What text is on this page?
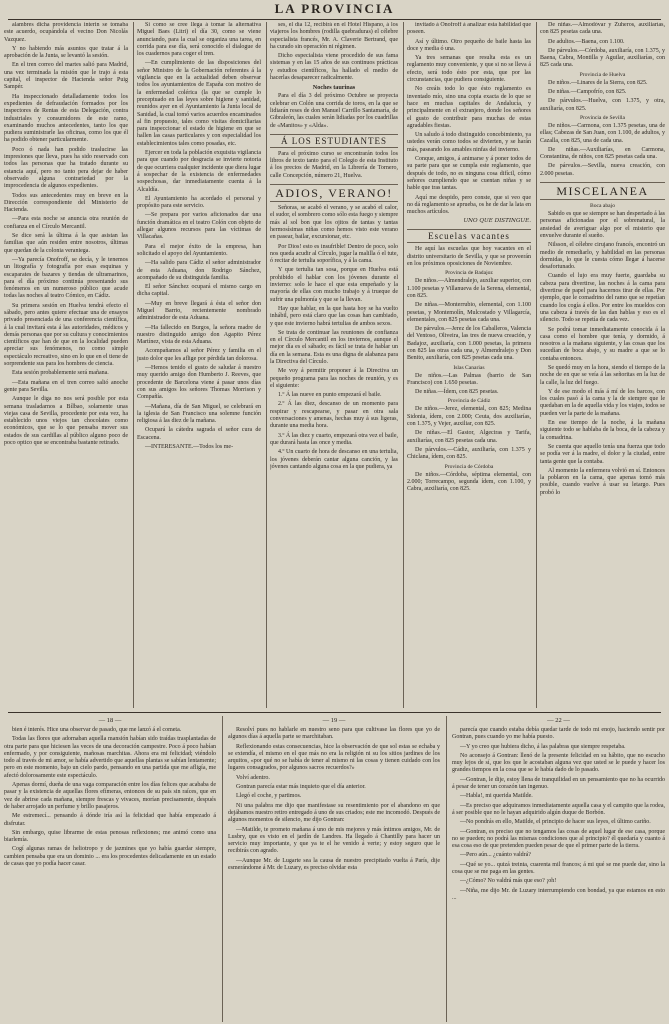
LA PROVINCIA

alambres dicha providencia interin se tomaba este acuerdo, ocupándola el vecino Don Nicolás Vazquez.

Y no habiendo más asuntos que tratar á la aprobación de la Junta, se levantó la sesión.

En el tren correo del martes salió para Madrid, una vez terminada la misión que le trajo á esta capital, el inspector de Hacienda señor Puig Sampér.

Ha inspeccionado detalladamente todos los expedientes de defraudación formados por los inspectores de Rentas de esta Delegación, contra industriales y consumidores de este ramo, examinando muchos antecedentes, tanto los que pudiera suministrarle las oficinas, como los que él ha podido obtener particularmente.

Poco ó nada han podido traslucirse las impresiones que lleva, pues ha sido reservado con todos las personas que ha tratado durante su estancia aquí, pero no tanto pera dejar de haber observado alguna contrariedad por la improcedencia de algunos expedientes.

Todos sus antecedentes muy en breve en la Dirección correspondiente del Ministerio de Hacienda.

—Para esta noche se anuncia otra reunión de confianza en el Círculo Mercantil.

Se dice será la última á la que asistan las familias que aún residen entre nosotros, últimas que quedan de la colonia veraniega.

—Ya parecía Onofroff, se decía, y le tenemos un litografía y fotografía por esas esquinas y escaparates de bazares y tiendas de ultramarinos, para el día próximo continúa presentando sus fenómenos en un numeroso público que acude todas las noches al teatro Cómico, en Cádiz.

Su primera sesión en Huelva tendrá efecto el sábado, pero antes quiere efectuar una de ensayos privado presenciada de una conferencia científica, á la cual invitará esta á las autoridades, médicos y demás personas que por su cultura y conocimientos científicos que han de que en la localidad pueden apreciar sus fenómenos, no como simple espectáculo recreativo, sino en lo que en el tiene de sorprendente sus para los hombres de ciencia.

Esta sesión probablemente será mañana.

—Esta mañana en el tren correo salió anoche gente para Sevilla.

Aunque le diga no nos será posible por esta semana trasladarnos a Bílbao, solamente unas viejas casa de Sevilla, procedente por esta vez, ha establecido unos viejos tan chocolates como económicos, que se lo que pensaba mover sus estados de sus cardillas al público alguno poco de poco optico que se encontraba bastante retirado.

Si como se cree llega á tomar la alternativa Miguel Baes (Litri) el día 30, como se viene anunciando, para la cual se organiza una tarea, en corrida para ese día, será conocido el dialogue de los cuadernos para coger el tren.

—En cumplimiento de las disposiciones del señor Ministro de la Gobernación referentes á la vigilancia que en la actualidad deben observar todos los ayuntamientos de España con motivo de la enfermedad colérica (la que se cumple lo preceptuado en las leyes sobre higiene y sanidad, reunidos ayer en el Ayuntamiento la Junta local de Sanidad, la cual tomó varios acuerdos encaminados al fin propuesto, tales como visitas domiciliarias para inspeccionar el estado de higiene en que se hallen las casas particulares y con especialidad los establecimientos tales como posadas, etc.

Ejercer en toda la población exquisita vigilancia para que cuando por desgracia se invierte notoria de que ocurriera cualquier incidente que diera lugar á sospechar de la existencia de enfermedades sospechosas, dar inmediatamente cuenta á la Alcaldía.

El Ayuntamiento ha acordado el personal y propósito para este servicio.

—Se prepara por varios aficionados dar una función dramática en el teatro Colón con objeto de allegar algunos recursos para las víctimas de Villacañas.

Para el mejor éxito de la empresa, han solicitado el apoyo del Ayuntamiento.

—Ha salido para Cádiz el señor administrador de esta Aduana, don Rodrigo Sánchez, acompañado de su distinguida familia.

El señor Sánchez ocupará el mismo cargo en dicha capital.

—Muy en breve llegará á ésta el señor don Miguel Barrio, recientemente nombrado administrador de esta Aduana.

—Ha fallecido en Burgos, la señora madre de nuestro distinguido amigo don Agapito Pérez Martínez, vista de esta Aduana.

Acompañamos al señor Pérez y familia en el justo dolor que les aflige por pérdida tan dolorosa.

—Hemos tenido el gusto de saludar á nuestro muy querido amigo don Humberto J. Reeves, que procedente de Barcelona viene á pasar unos días con sus amigos los señores Thomas Morrison y Compañía.

—Mañana, día de San Miguel, se celebrará en la iglesia de San Francisco una solemne función religiosa á las diez de la mañana.

Ocupará la cátedra sagrada el señor cura de Escacena.

—INTERESANTE.—Todos los me-

ses, el día 12, recibirá en el Hotel Hispano, á los viajeros los hombres (rodilla quebraduras) el célebre especialista francés, Mr. A. Claverie Bertrand, que ha curado sin operación ni régimen.

Dicho especialista viene procedido de sus fama sistemas y en las 15 años de sus continuos prácticas y estudios científicos, ha hallado el medio de hacerlas desaparecer radicalmente.

Noches taurinas

Para el día 3 del próximo Octubre se proyecta celebrar en Colón una corrida de toros, en la que se lidiarán reses de don Manuel Carrillo Santamaría, de Gibraleón, las cuales serán lidiadas por los cuadrillas de «Manitos» y «Alda».

Á LOS ESTUDIANTES

Para el próximo curso se encontrarán todos los libros de texto tanto para el Colegio de esta Instituto á los precios de Madrid, en la Librería de Tornero, calle Concepción, número 21, Huelva.

ADIOS, VERANO!

Señoras, se acabó el verano, y se acabó el calor, el sudor, el sombrero como sólo esta fuego y siempre más al sol bon que los ojitos de tantas y tantas hermosísimas niñas como hemos visto este verano en pasear, bailar, excursionar, etc.

Por Dios! esto es insufrible! Dentro de poco, solo nos queda acudir al Círculo, jugar la malilla ó el tute, ó recitar de tertulia soporífica, y á la cama.

Y que tertulia tan sosa, porque en Huelva está prohibido el hablar con los jóvenes durante el invierno: solo le hace el que esta empeñado y la mayoría de ellas con mucho trabajo y á trueque de sufrir una pulmonía y que se la llevan.

Hay que hablar, en la que hasta hoy se ha vuelto inhábil, pero está claro que las cosas han cambiado, y que este invierno habrá tertulias de ambos sexos.

Se trata de continuar las reuniones de confianza en el Círculo Mercantil en los inviernos, aunque el mejor día es el sábado; es fácil se trata de hablar un día en la semana. Esta es una digna de alabanza para la Directiva del Círculo.

Me voy á permitir proponer á la Directiva un pequeño programa para las noches de reunión, y es el siguiente:

1.º Á las nueve en punto empezará el baile.

2.º Á las diez, descanso de un momento para respirar y rescapearse, y pasar en otra sala conversaciones y amenas, hechas muy á sus ligeras, durante una media hora.

3.º Á las diez y cuarto, empezará otra vez el baile, que durará hasta las once y media.

4.º Un cuarto de hora de descanso en una tertulia, los jóvenes deberán cantar alguna canción, y las jóvenes cantando alguna cosa en la que pudiera, ya

invitado á Onofroff á analizar esta habilidad que poseen.

Así y último. Otro pequeño de baile hasta las doce y media ó una.

Ya tres semanas que resulta esta es un reglamento muy conveniente, y que si no se lleva á efecto, será todo ésto por esta, que por las circunstancias, que pudiera consiguiente.

No creáis todo lo que ésto reglamento es inventado mío, sino una copia exacta de lo que se hace en muchas capitales de Andalucía, y principalmente en el extranjero, donde los señores el gusto de contribuir para muchas de estas agradables fiestas.

Un saludo á todo distinguido concebimiento, ya ustedes verán como todos se divierten, y se harán más, paseando los amables ninfas del invierno.

Conque, amigos, á animarse y á poner todos de su parte para que se cumpla este reglamento, que después de todo, no es ninguna cosa difícil, cómo señores cumpliendo que se cuentan niñas y se hable que tras tantas.

Aquí me despido, pero conste, que si veo que no dá reglamento se aprueba, os he de dar la lata en muchos artículos.

UNO QUE DISTINGUE.
Escuelas vacantes

He aquí las escuelas que hoy vacantes en el distrito universitario de Sevilla, y que se proveerán en los próximos oposiciones de Noviembre.

Provincia de Badajoz

De niños.—Almendralejo, auxiliar superior, con 1.100 pesetas y Villanueva de la Serena, elemental, con 825.

De niñas.—Monterrubio, elemental, con 1.100 pesetas, y Montemolín, Mulcostado y Villagarcía, elementales, con 825 pesetas cada una.

De párvulos.—Jerez de los Caballeros, Valencia del Ventoso, Oliveira, las tres de nueva creación, y Badajoz, auxiliaría, con 1.000 pesetas, la primera con 825 las otras cada una, y Almendralejo y Don Benito, auxiliaría, con 825 pesetas cada una.

Islas Canarias

De niños.—Las Palmas (barrio de San Francisco) con 1.650 pesetas.

De niñas.—Ídem, con 825 pesetas.

Provincia de Cádiz

De niños.—Jerez, elemental, con 825; Medina Sidonia, ídem, con 2.000; Ceuta, dos auxiliarías, con 1.375, y Vejer, auxiliar, con 825.

De niñas.—El Gastor, Algeciras y Tarifa, auxiliarías, con 825 pesetas cada una.

De párvulos.—Cádiz, auxiliaría, con 1.375 y Chiclana, ídem, con 825.

Provincia de Córdoba

De niños.—Córdoba, séptima elemental, con 2.000; Torrecampo, segunda ídem, con 1.100, y Cabra, auxiliaría, con 825.

De niñas.—Almodóvar y Zuheros, auxiliarías, con 825 pesetas cada una.

De adultos.—Baena, con 1.100.

De párvulos.—Córdoba, auxiliaría, con 1.375, y Baena, Cabra, Montilla y Aguilar, auxiliarías, con 825 cada una.

Provincia de Huelva

De niños.—Linares de la Sierra, con 825.

De niñas.—Campofrío, con 825.

De párvulos.—Huelva, con 1.375, y otra, auxiliaría, con 825.

Provincia de Sevilla

De niños.—Carmona, con 1.375 pesetas, una de ellas; Cabezas de San Juan, con 1.100, de adultos, y Cazalla, con 825, una de cada una.

De niñas.—Auxiliarías, en Carmona, Constantina, de niños, con 825 pesetas cada una.

De párvulos.—Sevilla, nueva creación, con 2.000 pesetas.

MISCELANEA
Boca abajo

Sabido es que se siempre se han despertado á las personas aficionadas por el sobrenatural, la ansiedad de averiguar algo por el misterio que envuelve durante el sueño.

Nilsson, el célebre cirujano francés, encontró un medio de remediarlo, y habilidad en las personas dormidas, lo que le cuesta cómo llegar á hacerse desafortunado.

Cuando el lujo era muy fuerte, guardaba su cabeza para divertirse, las noches á la cama para divertirse de papel para hacernos tirar de ellas. Por ejemplo, que le comadrino del ramo que se repetían cuando los cogía á ellos. Por entre los mueldos con una cabeza á través de las dan hablas y eso es el silencio. Todo se repetía de cada vez.

Se podrá tomar inmediatamente conocida á la casa como el hombre que tenía, y dormido, á nosotros a la mañana siguiente, y las cosas que los sucedían de boca abajo, y su madre a que se lo contaba entonces.

Se quedó muy en la hora, siendo el tiempo de la noche de en que se veía á las señoritas en la luz de la calle, la luz del fuego.

Y de ese modo el más á mí de los barcos, con los cuales pasó á la cama y la de siempre que le quedaban en la de aquella vida y los viajes, todos se pueden ver la parte de la mañana.

En ese tiempo de la noche, á la mañana siguiente todo se hablaba de la boca, de la cabeza y la comadrina.

Se cuenta que aquello tenía una fuerza que todo se podía ver á la madre, el dolor y la ciudad, entre tanta gente que la contaba.

Al momento la enfermera volvió en sí. Entonces la poblaron en la cama, que apenas tomó más posible, cuando vuelve á usar su letargo. Pues probó lo

— 18 —

bien é interés. Hice una observar de pasado, que me lanzó á el cometa.

Todas las flores que adornaban aquella mansión habían sido traídas trasplantadas de otra parte para que hiciesen las veces de una decoración campestre. Poco á poco habían enfermado, y por consiguiente, mañosas marchitas. Ahora era mi felicidad; viéndolo todo al través de mi amor, se había advertido que aquellas plantas se sabían lentamente; pero en este momento, bajo un cielo pardo, pensando en una partida que me afligía, me afectó dolorosamente este espectáculo.

Apenas dormí, dueña de una vaga comparación entre los días felices que acababa de pasar y la existencia de aquellas flores efímeras, entonces de su país sin raíces, que en vez de abrirse cada mañana, siempre frescas y vivaces, morían precisamente, después de haber arrojado un perfume y brillo pasajeros.

Me estremecí... pensando á dónde iría así la felicidad que había empezado á disfrutar.

Sin embargo, quise librarme de estas penosas reflexiones; me animó como una biarlemía.

Cogí algunas ramas de heliotropo y de jazmines que yo había guardar siempre, cambien pensaba que era un dominio ... era los procedentes delicadamente en un estado de casas que yo podía hacer casar.

— 19 —

Resolví pues no hablarle en nuestro seno para que cultivase las flores que yo de algunos días á aquella parte se marchitaban.

Reflexionando estas consecuencias, hice la observación de que sol estas se echaba y se extendía, el mismo en el que más no era la religión ni su los sitios jardines de los arquitos, «por qué no se había de tener al mismo ni las cosas y tienen cuidado con los lugares consagrados, por algunos sacros recuerdos?»

Volví adentro.

Gontran parecía estar más inquieto que el día anterior.

Llegó el coche, y partimos.

Ni una palabra me dijo que manifestase su resentimiento por el abandono en que dejábamos nuestro retiro entregado á uno de sus criados; este me incomodó. Después de algunos momentos de silencio, me dijo Gontran:

—Matilde, te prometo mañana á uno de mis mejores y más íntimos amigos, Mr. de Lusbry, que es visto en el jardín de Landres. Ha llegado á Chantilly para hacer un servicio muy importante, y que ya te el he venido á verte; y estoy seguro que le recibirás con agrado.

—Aunque Mr. de Lugarte sea la causa de nuestro precipitado vuelta á París, dije esmerándome á Mr. de Luzary, es preciso olvidar esta

— 22 —

parecía que cuando estaba debía quedar tarde de todo mi enojo, haciendo sentir por Gontran, pues cuando yo me había puesto.

—Y yo creo que hubiera dicho, á las palabras que siempre respetaba.

No aconsejo á Gontran: llenó de la presente felicidad en su hábito, que no escucho muy lejos de sí, que los que le acostaban alguna vez que usted se le puede y hacer los grandes tiempos en la cosa que se le había dado de lo pasado.

—Gontran, le dije, estoy llena de tranquilidad en un pensamiento que no ha ocurrido á pesar de tener un corazón tan ingenuo.

—Habla!, mi querida Matilde.

—Es preciso que adquiramos inmediatamente aquella casa y el campito que la rodea, á ser posible que no le hayan adquirido algún duque de Borbón.

—No pondrás en ello, Matilde, el principio de hacer sus leyes, el último cariño.

—Gontran, es preciso que no tengamos las cosas de aquel lugar de ese casa, porque no se pueden; no podrá las mismas condiciones que al principio? él quedaría y cuanto á esa cosa eso de que pretenden pueden pesar de que el primer parte de la tierra.

—Pero aún... ¿cuánto valdrá?

—Qué se yo... quizá treinta, cuarenta mil francos; á mi qué se me puede dar, sino la cosa que se me paga en las gentes.

—¿Cómo? No valdrá más que eso? ¡oh!

—Niña, me dijo Mr. de Luzary interrumpiendo con bondad, ya que estamos en esto ...
